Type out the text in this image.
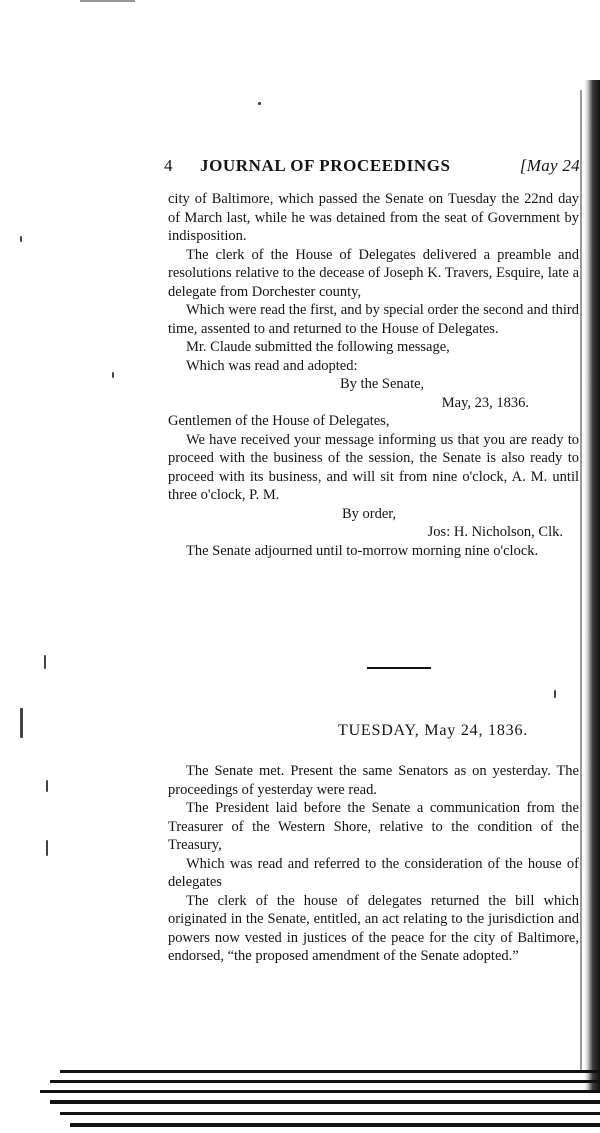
4 JOURNAL OF PROCEEDINGS	[May 24

city of Baltimore, which passed the Senate on Tuesday the 22nd day of March last, while he was detained from the seat of Government by indisposition.

The clerk of the House of Delegates delivered a preamble and resolutions relative to the decease of Joseph K. Travers, Esquire, late a delegate from Dorchester county,

Which were read the first, and by special order the second and third time, assented to and returned to the House of Delegates.

Mr. Claude submitted the following message,

Which was read and adopted:

By the Senate,

May, 23, 1836.

Gentlemen of the House of Delegates,

We have received your message informing us that you are ready to proceed with the business of the session, the Senate is also ready to proceed with its business, and will sit from nine o'clock, A. M. until three o'clock, P. M.

By order,

Jos: H. Nicholson, Clk.

The Senate adjourned until to-morrow morning nine o'clock.

TUESDAY, May 24, 1836.

The Senate met. Present the same Senators as on yesterday. The proceedings of yesterday were read.

The President laid before the Senate a communication from the Treasurer of the Western Shore, relative to the condition of the Treasury,

Which was read and referred to the consideration of the house of delegates

The clerk of the house of delegates returned the bill which originated in the Senate, entitled, an act relating to the jurisdiction and powers now vested in justices of the peace for the city of Baltimore, endorsed, “the proposed amendment of the Senate adopted.”
